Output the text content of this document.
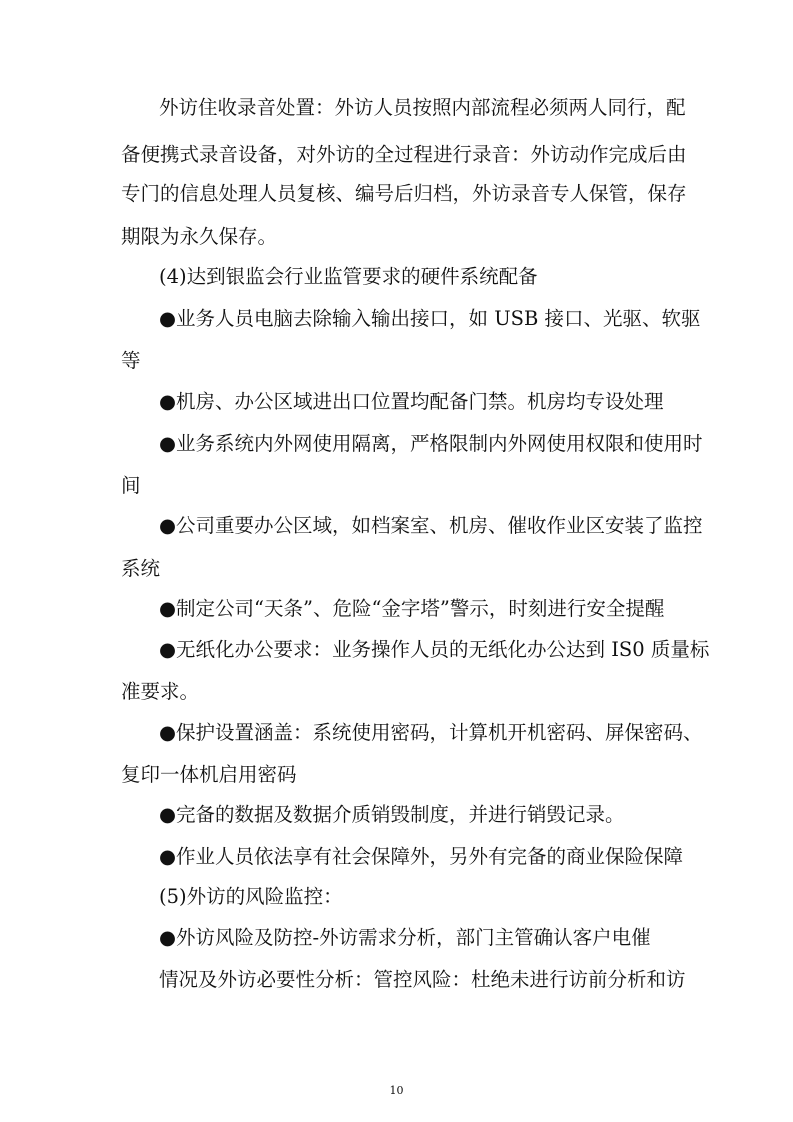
外访住收录音处置：外访人员按照内部流程必须两人同行，配
备便携式录音设备，对外访的全过程进行录音：外访动作完成后由
专门的信息处理人员复核、编号后归档，外访录音专人保管，保存
期限为永久保存。
(4)达到银监会行业监管要求的硬件系统配备
●业务人员电脑去除输入输出接口，如 USB 接口、光驱、软驱
等
●机房、办公区域进出口位置均配备门禁。机房均专设处理
●业务系统内外网使用隔离，严格限制内外网使用权限和使用时
间
●公司重要办公区域，如档案室、机房、催收作业区安装了监控
系统
●制定公司“天条”、危险“金字塔”警示，时刻进行安全提醒
●无纸化办公要求：业务操作人员的无纸化办公达到 IS0 质量标
准要求。
●保护设置涵盖：系统使用密码，计算机开机密码、屏保密码、
复印一体机启用密码
●完备的数据及数据介质销毁制度，并进行销毁记录。
●作业人员依法享有社会保障外，另外有完备的商业保险保障
(5)外访的风险监控：
●外访风险及防控-外访需求分析，部门主管确认客户电催
情况及外访必要性分析：管控风险：杜绝未进行访前分析和访
10
